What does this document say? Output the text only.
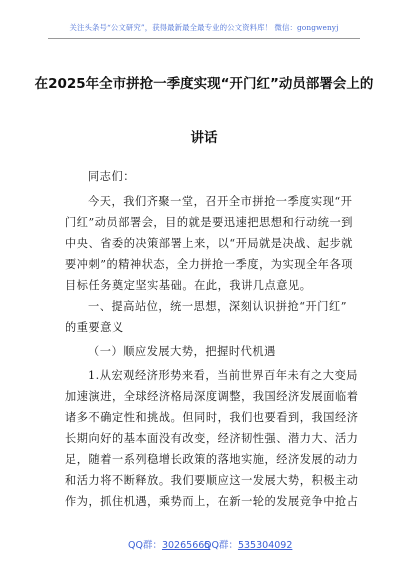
关注头条号“公文研究”，获得最新最全最专业的公文资料库！ 微信：gongwenyj
在2025年全市拼抢一季度实现“开门红”动员部署会上的
讲话
同志们：
今天，我们齐聚一堂，召开全市拼抢一季度实现“开
门红”动员部署会，目的就是要迅速把思想和行动统一到
中央、省委的决策部署上来，以“开局就是决战、起步就
要冲刺”的精神状态，全力拼抢一季度，为实现全年各项
目标任务奠定坚实基础。在此，我讲几点意见。
一、提高站位，统一思想，深刻认识拼抢“开门红”
的重要意义
（一）顺应发展大势，把握时代机遇
1.从宏观经济形势来看，当前世界百年未有之大变局
加速演进，全球经济格局深度调整，我国经济发展面临着
诸多不确定性和挑战。但同时，我们也要看到，我国经济
长期向好的基本面没有改变，经济韧性强、潜力大、活力
足，随着一系列稳增长政策的落地实施，经济发展的动力
和活力将不断释放。我们要顺应这一发展大势，积极主动
作为，抓住机遇，乘势而上，在新一轮的发展竞争中抢占
QQ群：30265665
QQ群：535304092
